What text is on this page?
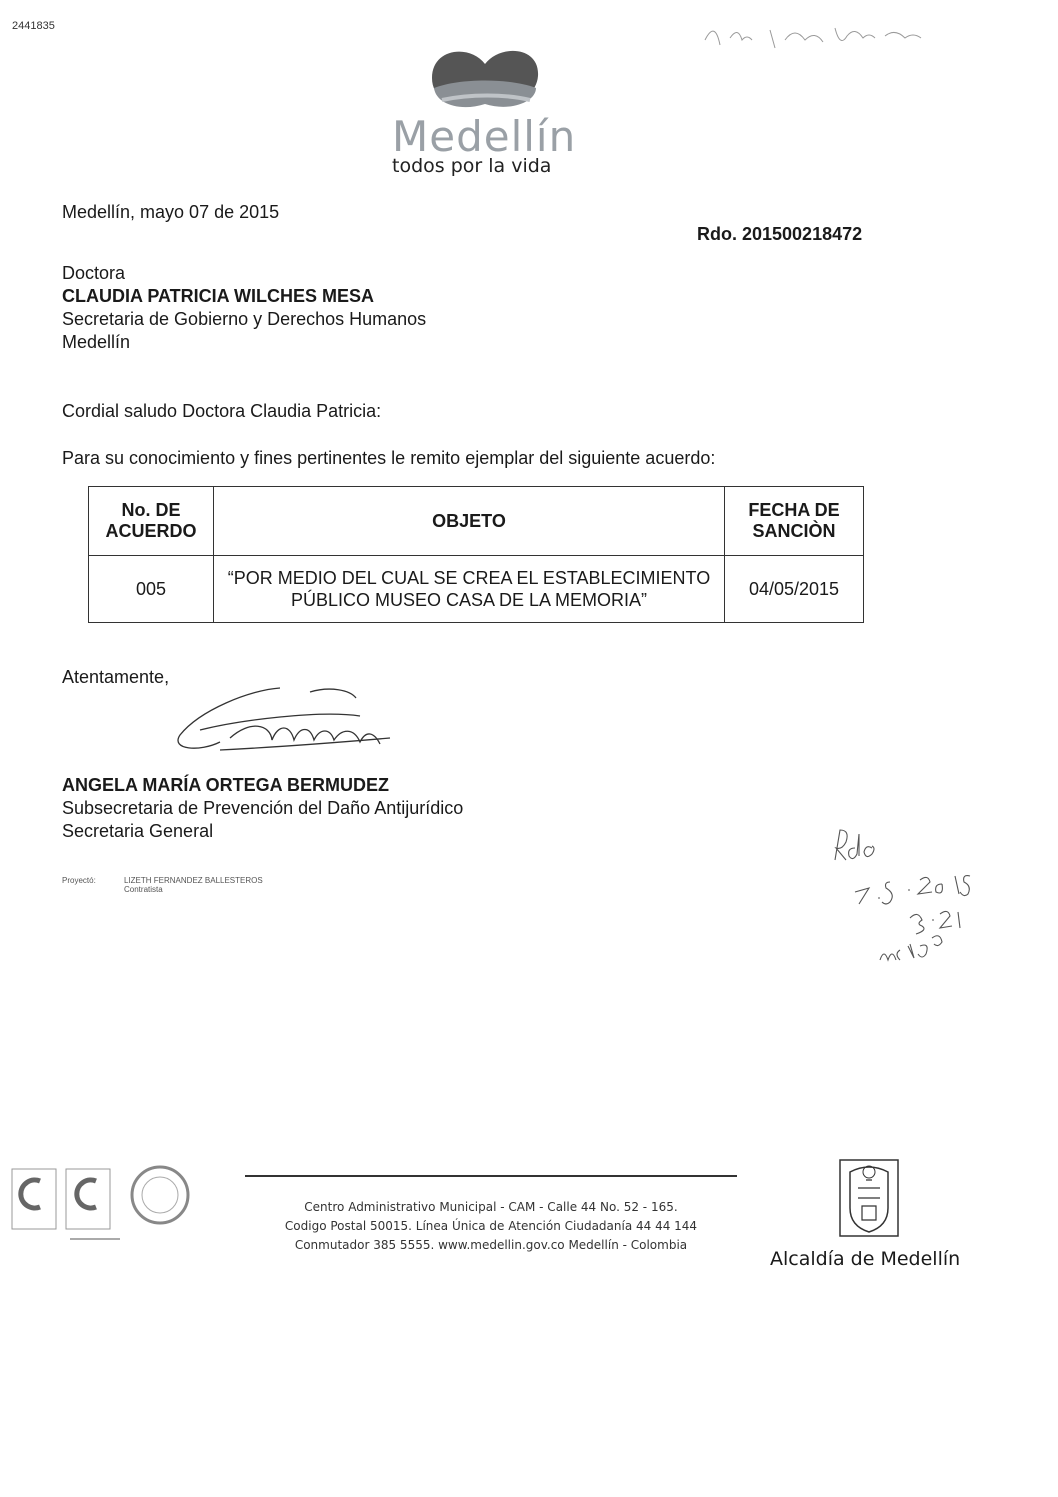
2441835
Medellín
todos por la vida
Medellín, mayo 07 de 2015
Rdo. 201500218472
Doctora
CLAUDIA PATRICIA WILCHES MESA
Secretaria de Gobierno y Derechos Humanos
Medellín
Cordial saludo Doctora Claudia Patricia:
Para su conocimiento y fines pertinentes le remito ejemplar del siguiente acuerdo:
No. DE ACUERDO	OBJETO	FECHA DE SANCIÒN
005	“POR MEDIO DEL CUAL SE CREA EL ESTABLECIMIENTO PÚBLICO MUSEO CASA DE LA MEMORIA”	04/05/2015
Atentamente,
ANGELA MARÍA ORTEGA BERMUDEZ
Subsecretaria de Prevención del Daño Antijurídico
Secretaria General
Proyectó:	LIZETH FERNANDEZ BALLESTEROS
Contratista
Centro Administrativo Municipal - CAM - Calle 44 No. 52 - 165.
Codigo Postal 50015. Línea Única de Atención Ciudadanía 44 44 144
Conmutador 385 5555. www.medellin.gov.co Medellín - Colombia
Alcaldía de Medellín
